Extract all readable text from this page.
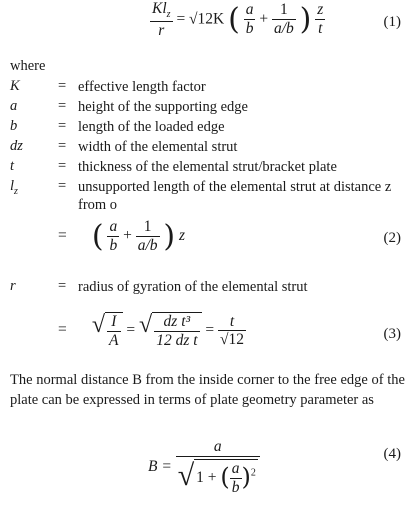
$\frac{Kl_z}{r} = √12K$ ( $\frac{a}{b} + \frac{1}{a/b}$ ) $\frac{z}{t}$	(1)
where
K	= effective length factor
a	= height of the supporting edge
b	= length of the loaded edge
dz	= width of the elemental strut
t	= thickness of the elemental strut/bracket plate
$l_z$	= unsupported length of the elemental strut at distance z from o
= ( $\frac{a}{b} + \frac{1}{a/b}$ ) z	(2)
r	= radius of gyration of the elemental strut
= √ $\frac{I}{A}$ = √ $\frac{\text{dz t³}}{\text{12 dz t}} = \frac{t}{√12}$	(3)
The normal distance B from the inside corner to the free edge of the plate can be expressed in terms of plate geometry parameter as
$B = \frac{a}{√ 1 + ( \frac{a}{b} )^2}$	(4)
